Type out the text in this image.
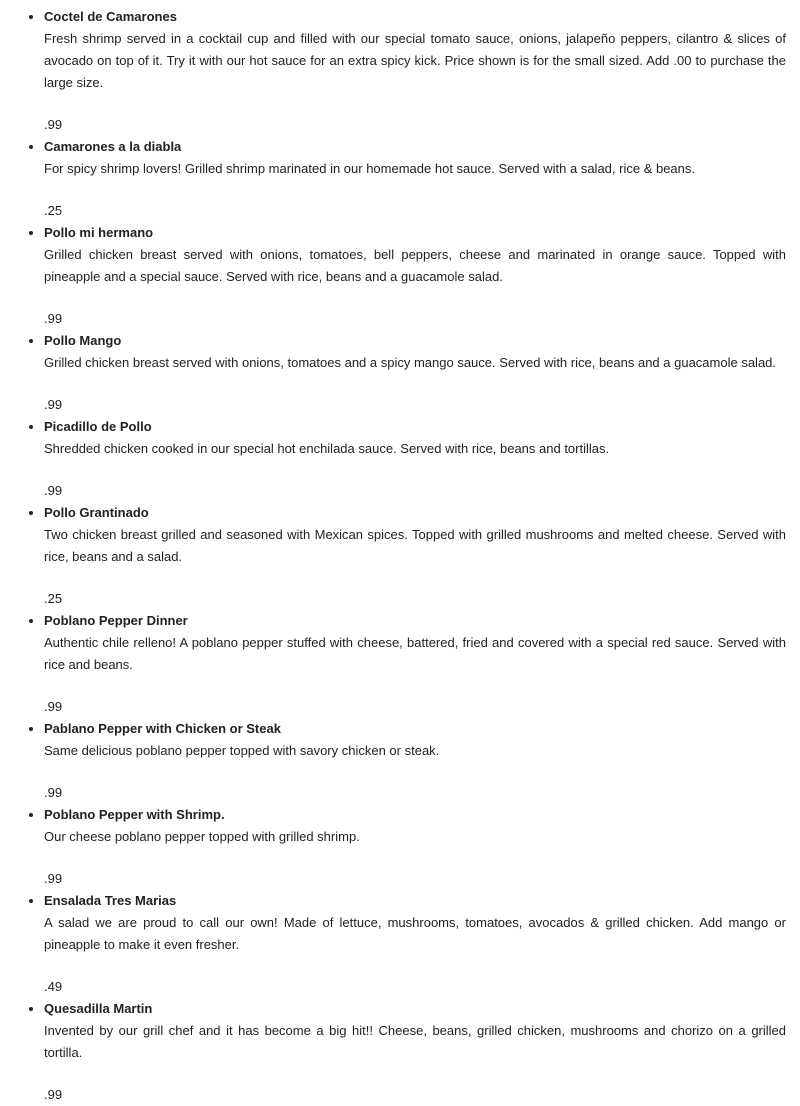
• Coctel de Camarones

Fresh shrimp served in a cocktail cup and filled with our special tomato sauce, onions, jalapeño peppers, cilantro & slices of avocado on top of it. Try it with our hot sauce for an extra spicy kick. Price shown is for the small sized. Add .00 to purchase the large size.

.99

• Camarones a la diabla

For spicy shrimp lovers! Grilled shrimp marinated in our homemade hot sauce. Served with a salad, rice & beans.

.25

• Pollo mi hermano

Grilled chicken breast served with onions, tomatoes, bell peppers, cheese and marinated in orange sauce. Topped with pineapple and a special sauce. Served with rice, beans and a guacamole salad.

.99

• Pollo Mango

Grilled chicken breast served with onions, tomatoes and a spicy mango sauce. Served with rice, beans and a guacamole salad.

.99

• Picadillo de Pollo

Shredded chicken cooked in our special hot enchilada sauce. Served with rice, beans and tortillas.

.99

• Pollo Grantinado

Two chicken breast grilled and seasoned with Mexican spices. Topped with grilled mushrooms and melted cheese. Served with rice, beans and a salad.

.25

• Poblano Pepper Dinner

Authentic chile relleno! A poblano pepper stuffed with cheese, battered, fried and covered with a special red sauce. Served with rice and beans.

.99

• Pablano Pepper with Chicken or Steak

Same delicious poblano pepper topped with savory chicken or steak.

.99

• Poblano Pepper with Shrimp.

Our cheese poblano pepper topped with grilled shrimp.

.99

• Ensalada Tres Marias

A salad we are proud to call our own! Made of lettuce, mushrooms, tomatoes, avocados & grilled chicken. Add mango or pineapple to make it even fresher.

.49

• Quesadilla Martin

Invented by our grill chef and it has become a big hit!! Cheese, beans, grilled chicken, mushrooms and chorizo on a grilled tortilla.

.99
